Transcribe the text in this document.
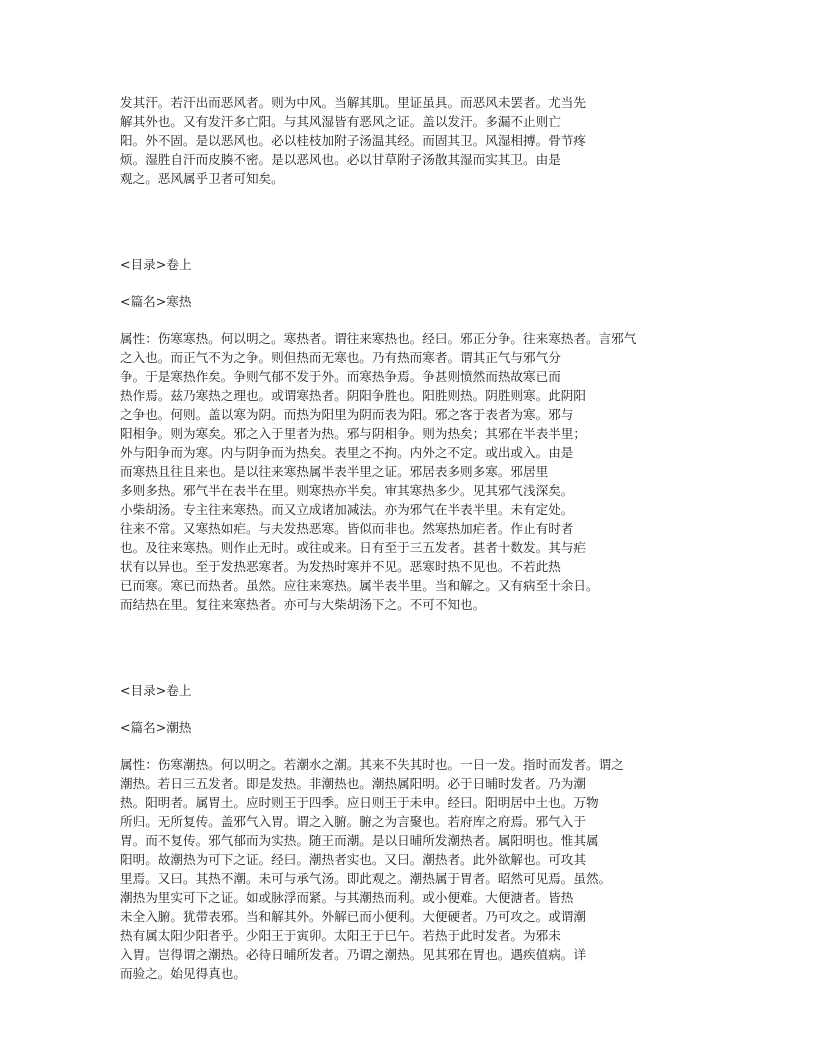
发其汗。若汗出而恶风者。则为中风。当解其肌。里证虽具。而恶风未罢者。尤当先
解其外也。又有发汗多亡阳。与其风湿皆有恶风之证。盖以发汗。多漏不止则亡
阳。外不固。是以恶风也。必以桂枝加附子汤温其经。而固其卫。风湿相搏。骨节疼
烦。湿胜自汗而皮腠不密。是以恶风也。必以甘草附子汤散其湿而实其卫。由是
观之。恶风属乎卫者可知矣。
<目录>卷上
<篇名>寒热
属性：伤寒寒热。何以明之。寒热者。谓往来寒热也。经曰。邪正分争。往来寒热者。言邪气
之入也。而正气不为之争。则但热而无寒也。乃有热而寒者。谓其正气与邪气分
争。于是寒热作矣。争则气郁不发于外。而寒热争焉。争甚则愤然而热故寒已而
热作焉。兹乃寒热之理也。或谓寒热者。阴阳争胜也。阳胜则热。阴胜则寒。此阴阳
之争也。何则。盖以寒为阴。而热为阳里为阴而表为阳。邪之客于表者为寒。邪与
阳相争。则为寒矣。邪之入于里者为热。邪与阴相争。则为热矣；其邪在半表半里；
外与阳争而为寒。内与阴争而为热矣。表里之不拘。内外之不定。或出或入。由是
而寒热且往且来也。是以往来寒热属半表半里之证。邪居表多则多寒。邪居里
多则多热。邪气半在表半在里。则寒热亦半矣。审其寒热多少。见其邪气浅深矣。
小柴胡汤。专主往来寒热。而又立成诸加减法。亦为邪气在半表半里。未有定处。
往来不常。又寒热如疟。与夫发热恶寒。皆似而非也。然寒热加疟者。作止有时者
也。及往来寒热。则作止无时。或往或来。日有至于三五发者。甚者十数发。其与疟
状有以异也。至于发热恶寒者。为发热时寒并不见。恶寒时热不见也。不若此热
已而寒。寒已而热者。虽然。应往来寒热。属半表半里。当和解之。又有病至十余日。
而结热在里。复往来寒热者。亦可与大柴胡汤下之。不可不知也。
<目录>卷上
<篇名>潮热
属性：伤寒潮热。何以明之。若潮水之潮。其来不失其时也。一日一发。指时而发者。谓之
潮热。若日三五发者。即是发热。非潮热也。潮热属阳明。必于日晡时发者。乃为潮
热。阳明者。属胃土。应时则王于四季。应日则王于未申。经曰。阳明居中土也。万物
所归。无所复传。盖邪气入胃。谓之入腑。腑之为言聚也。若府库之府焉。邪气入于
胃。而不复传。邪气郁而为实热。随王而潮。是以日晡所发潮热者。属阳明也。惟其属
阳明。故潮热为可下之证。经曰。潮热者实也。又曰。潮热者。此外欲解也。可攻其
里焉。又曰。其热不潮。未可与承气汤。即此观之。潮热属于胃者。昭然可见焉。虽然。
潮热为里实可下之证。如或脉浮而紧。与其潮热而利。或小便难。大便溏者。皆热
未全入腑。犹带表邪。当和解其外。外解已而小便利。大便硬者。乃可攻之。或谓潮
热有属太阳少阳者乎。少阳王于寅卯。太阳王于巳午。若热于此时发者。为邪未
入胃。岂得谓之潮热。必待日晡所发者。乃谓之潮热。见其邪在胃也。遇疾值病。详
而验之。始见得真也。
